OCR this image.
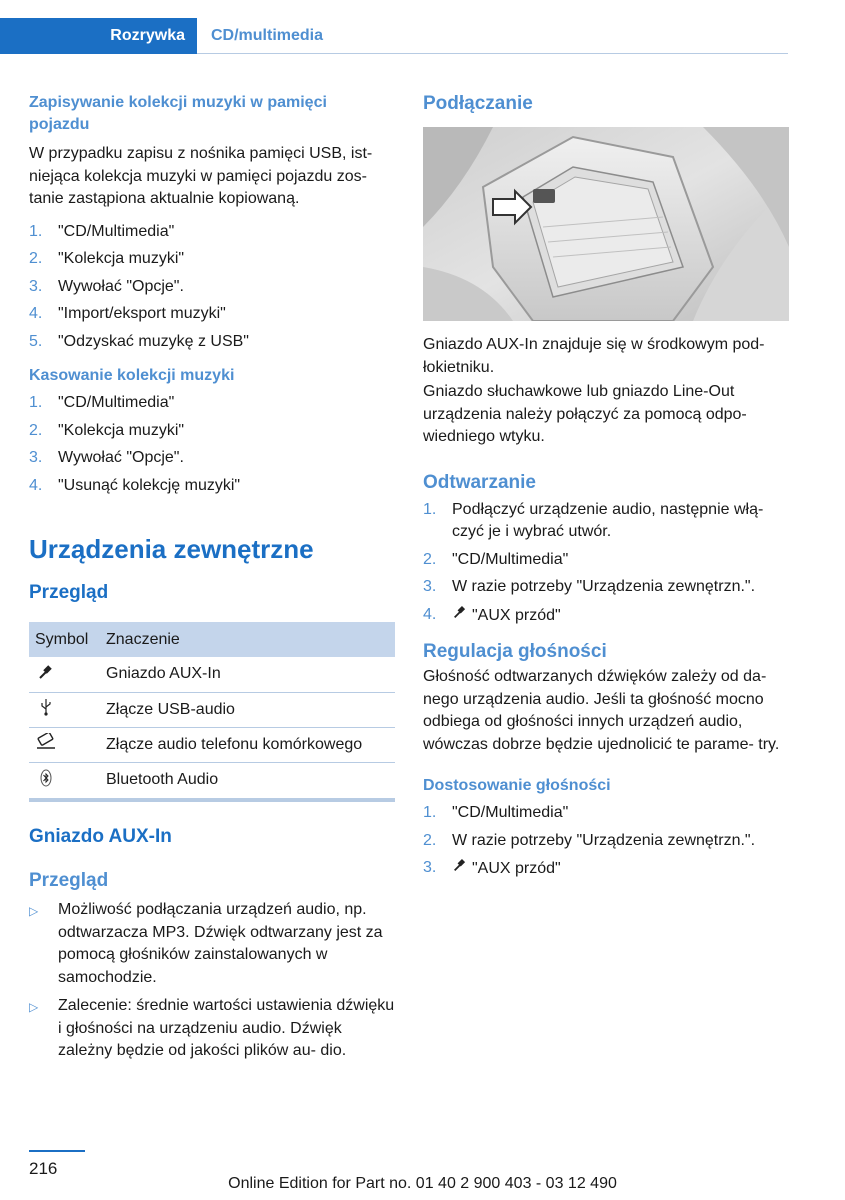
Rozrywka CD/multimedia
Zapisywanie kolekcji muzyki w pamięci pojazdu

W przypadku zapisu z nośnika pamięci USB, ist- niejąca kolekcja muzyki w pamięci pojazdu zos- tanie zastąpiona aktualnie kopiowaną.

1. "CD/Multimedia"
2. "Kolekcja muzyki"
3. Wywołać "Opcje".
4. "Import/eksport muzyki"
5. "Odzyskać muzykę z USB"
Kasowanie kolekcji muzyki
1. "CD/Multimedia"
2. "Kolekcja muzyki"
3. Wywołać "Opcje".
4. "Usunąć kolekcję muzyki"
Urządzenia zewnętrzne
Przegląd
Symbol	Znaczenie
	Gniazdo AUX-In
	Złącze USB-audio
	Złącze audio telefonu komórkowego
	Bluetooth Audio
Gniazdo AUX-In
Przegląd
▷	Możliwość podłączania urządzeń audio, np. odtwarzacza MP3. Dźwięk odtwarzany jest za pomocą głośników zainstalowanych w samochodzie.
▷	Zalecenie: średnie wartości ustawienia dźwięku i głośności na urządzeniu audio. Dźwięk zależny będzie od jakości plików au- dio.
Podłączanie

Gniazdo AUX-In znajduje się w środkowym pod- łokietniku.

Gniazdo słuchawkowe lub gniazdo Line-Out urządzenia należy połączyć za pomocą odpo- wiedniego wtyku.

Odtwarzanie
1. Podłączyć urządzenie audio, następnie włą- czyć je i wybrać utwór.
2. "CD/Multimedia"
3. W razie potrzeby "Urządzenia zewnętrzn.".
4.	"AUX przód"
Regulacja głośności

Głośność odtwarzanych dźwięków zależy od da- nego urządzenia audio. Jeśli ta głośność mocno odbiega od głośności innych urządzeń audio, wówczas dobrze będzie ujednolicić te parame- try.

Dostosowanie głośności
1. "CD/Multimedia"
2. W razie potrzeby "Urządzenia zewnętrzn.".
3.	"AUX przód"
216
Online Edition for Part no. 01 40 2 900 403 - 03 12 490
